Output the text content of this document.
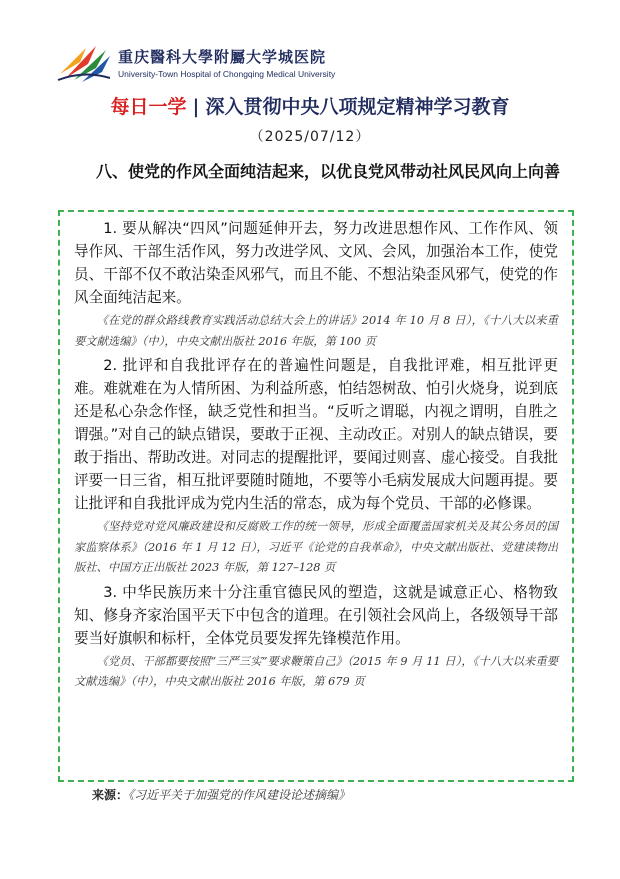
重庆醫科大學附屬大学城医院
University-Town Hospital of Chongqing Medical University
每日一学 | 深入贯彻中央八项规定精神学习教育
（2025/07/12）
八、使党的作风全面纯洁起来，以优良党风带动社风民风向上向善

1. 要从解决“四风”问题延伸开去，努力改进思想作风、工作作风、领导作风、干部生活作风，努力改进学风、文风、会风，加强治本工作，使党员、干部不仅不敢沾染歪风邪气，而且不能、不想沾染歪风邪气，使党的作风全面纯洁起来。

《在党的群众路线教育实践活动总结大会上的讲话》2014 年 10 月 8 日），《十八大以来重要文献选编》（中），中央文献出版社 2016 年版，第 100 页

2. 批评和自我批评存在的普遍性问题是，自我批评难，相互批评更难。难就难在为人情所困、为利益所惑，怕结怨树敌、怕引火烧身，说到底还是私心杂念作怪，缺乏党性和担当。“反听之谓聪，内视之谓明，自胜之谓强。”对自己的缺点错误，要敢于正视、主动改正。对别人的缺点错误，要敢于指出、帮助改进。对同志的提醒批评，要闻过则喜、虚心接受。自我批评要一日三省，相互批评要随时随地，不要等小毛病发展成大问题再提。要让批评和自我批评成为党内生活的常态，成为每个党员、干部的必修课。

《坚持党对党风廉政建设和反腐败工作的统一领导，形成全面覆盖国家机关及其公务员的国家监察体系》（2016 年 1 月 12 日），习近平《论党的自我革命》，中央文献出版社、党建读物出版社、中国方正出版社 2023 年版，第 127–128 页

3. 中华民族历来十分注重官德民风的塑造，这就是诚意正心、格物致知、修身齐家治国平天下中包含的道理。在引领社会风尚上，各级领导干部要当好旗帜和标杆，全体党员要发挥先锋模范作用。

《党员、干部都要按照“三严三实”要求鞭策自己》（2015 年 9 月 11 日），《十八大以来重要文献选编》（中），中央文献出版社 2016 年版，第 679 页

来源：《习近平关于加强党的作风建设论述摘编》
